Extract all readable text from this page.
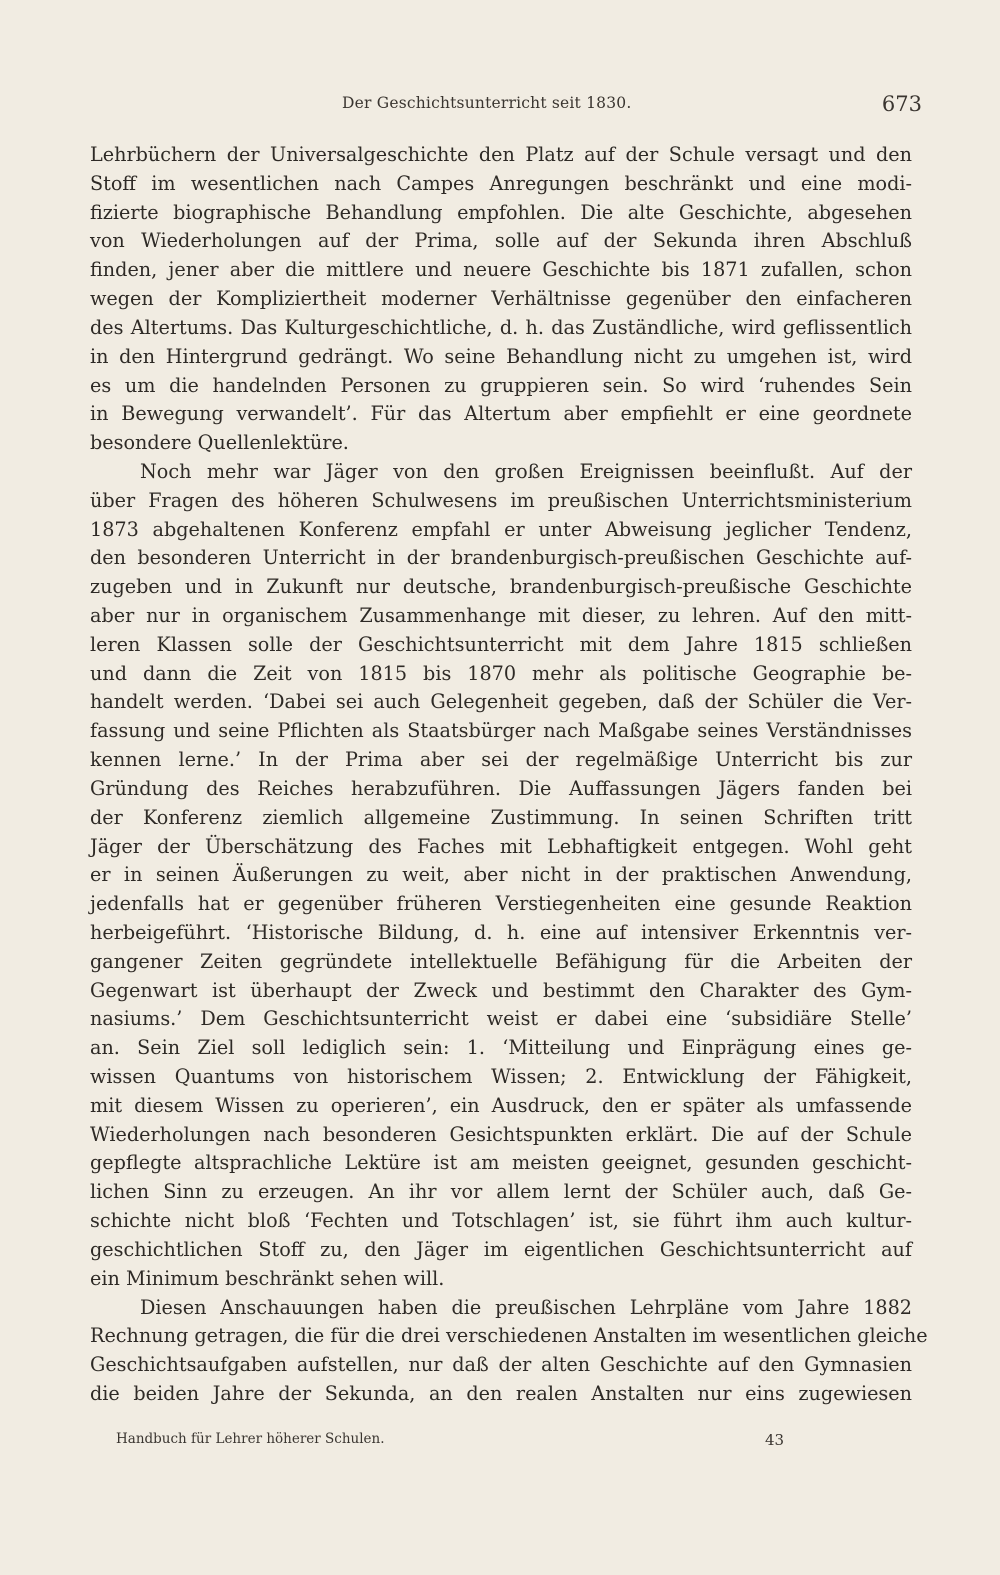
Der Geschichtsunterricht seit 1830.	673
Lehrbüchern der Universalgeschichte den Platz auf der Schule versagt und den
Stoff im wesentlichen nach Campes Anregungen beschränkt und eine modi-
fizierte biographische Behandlung empfohlen. Die alte Geschichte, abgesehen
von Wiederholungen auf der Prima, solle auf der Sekunda ihren Abschluß
finden, jener aber die mittlere und neuere Geschichte bis 1871 zufallen, schon
wegen der Kompliziertheit moderner Verhältnisse gegenüber den einfacheren
des Altertums. Das Kulturgeschichtliche, d. h. das Zuständliche, wird geflissentlich
in den Hintergrund gedrängt. Wo seine Behandlung nicht zu umgehen ist, wird
es um die handelnden Personen zu gruppieren sein. So wird ‘ruhendes Sein
in Bewegung verwandelt’. Für das Altertum aber empfiehlt er eine geordnete
besondere Quellenlektüre.
Noch mehr war Jäger von den großen Ereignissen beeinflußt. Auf der
über Fragen des höheren Schulwesens im preußischen Unterrichtsministerium
1873 abgehaltenen Konferenz empfahl er unter Abweisung jeglicher Tendenz,
den besonderen Unterricht in der brandenburgisch-preußischen Geschichte auf-
zugeben und in Zukunft nur deutsche, brandenburgisch-preußische Geschichte
aber nur in organischem Zusammenhange mit dieser, zu lehren. Auf den mitt-
leren Klassen solle der Geschichtsunterricht mit dem Jahre 1815 schließen
und dann die Zeit von 1815 bis 1870 mehr als politische Geographie be-
handelt werden. ‘Dabei sei auch Gelegenheit gegeben, daß der Schüler die Ver-
fassung und seine Pflichten als Staatsbürger nach Maßgabe seines Verständnisses
kennen lerne.’ In der Prima aber sei der regelmäßige Unterricht bis zur
Gründung des Reiches herabzuführen. Die Auffassungen Jägers fanden bei
der Konferenz ziemlich allgemeine Zustimmung. In seinen Schriften tritt
Jäger der Überschätzung des Faches mit Lebhaftigkeit entgegen. Wohl geht
er in seinen Äußerungen zu weit, aber nicht in der praktischen Anwendung,
jedenfalls hat er gegenüber früheren Verstiegenheiten eine gesunde Reaktion
herbeigeführt. ‘Historische Bildung, d. h. eine auf intensiver Erkenntnis ver-
gangener Zeiten gegründete intellektuelle Befähigung für die Arbeiten der
Gegenwart ist überhaupt der Zweck und bestimmt den Charakter des Gym-
nasiums.’ Dem Geschichtsunterricht weist er dabei eine ‘subsidiäre Stelle’
an. Sein Ziel soll lediglich sein: 1. ‘Mitteilung und Einprägung eines ge-
wissen Quantums von historischem Wissen; 2. Entwicklung der Fähigkeit,
mit diesem Wissen zu operieren’, ein Ausdruck, den er später als umfassende
Wiederholungen nach besonderen Gesichtspunkten erklärt. Die auf der Schule
gepflegte altsprachliche Lektüre ist am meisten geeignet, gesunden geschicht-
lichen Sinn zu erzeugen. An ihr vor allem lernt der Schüler auch, daß Ge-
schichte nicht bloß ‘Fechten und Totschlagen’ ist, sie führt ihm auch kultur-
geschichtlichen Stoff zu, den Jäger im eigentlichen Geschichtsunterricht auf
ein Minimum beschränkt sehen will.
Diesen Anschauungen haben die preußischen Lehrpläne vom Jahre 1882
Rechnung getragen, die für die drei verschiedenen Anstalten im wesentlichen gleiche
Geschichtsaufgaben aufstellen, nur daß der alten Geschichte auf den Gymnasien
die beiden Jahre der Sekunda, an den realen Anstalten nur eins zugewiesen
Handbuch für Lehrer höherer Schulen.	43
